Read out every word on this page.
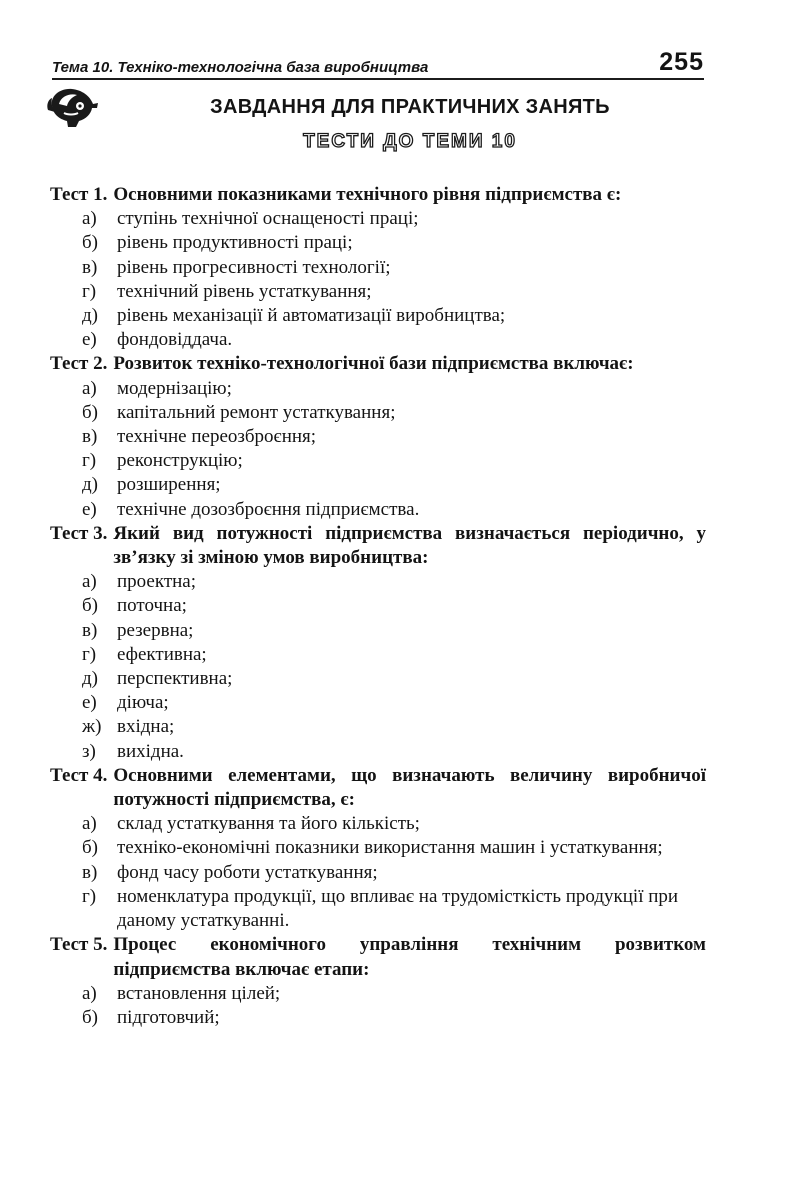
Тема 10. Техніко-технологічна база виробництва	255
ЗАВДАННЯ ДЛЯ ПРАКТИЧНИХ ЗАНЯТЬ
ТЕСТИ ДО ТЕМИ 10
Тест 1. Основними показниками технічного рівня підприємства є:
а)	ступінь технічної оснащеності праці;
б)	рівень продуктивності праці;
в)	рівень прогресивності технології;
г)	технічний рівень устаткування;
д)	рівень механізації й автоматизації виробництва;
е)	фондовіддача.
Тест 2. Розвиток техніко-технологічної бази підприємства включає:
а)	модернізацію;
б)	капітальний ремонт устаткування;
в)	технічне переозброєння;
г)	реконструкцію;
д)	розширення;
е)	технічне дозозброєння підприємства.
Тест 3. Який вид потужності підприємства визначається періодично, у зв’язку зі зміною умов виробництва:
а)	проектна;
б)	поточна;
в)	резервна;
г)	ефективна;
д)	перспективна;
е)	діюча;
ж) вхідна;
з)	вихідна.
Тест 4. Основними елементами, що визначають величину виробничої потужності підприємства, є:
а)	склад устаткування та його кількість;
б)	техніко-економічні показники використання машин і устаткування;
в)	фонд часу роботи устаткування;
г)	номенклатура продукції, що впливає на трудомісткість продукції при даному устаткуванні.
Тест 5. Процес економічного управління технічним розвитком підприємства включає етапи:
а)	встановлення цілей;
б)	підготовчий;
